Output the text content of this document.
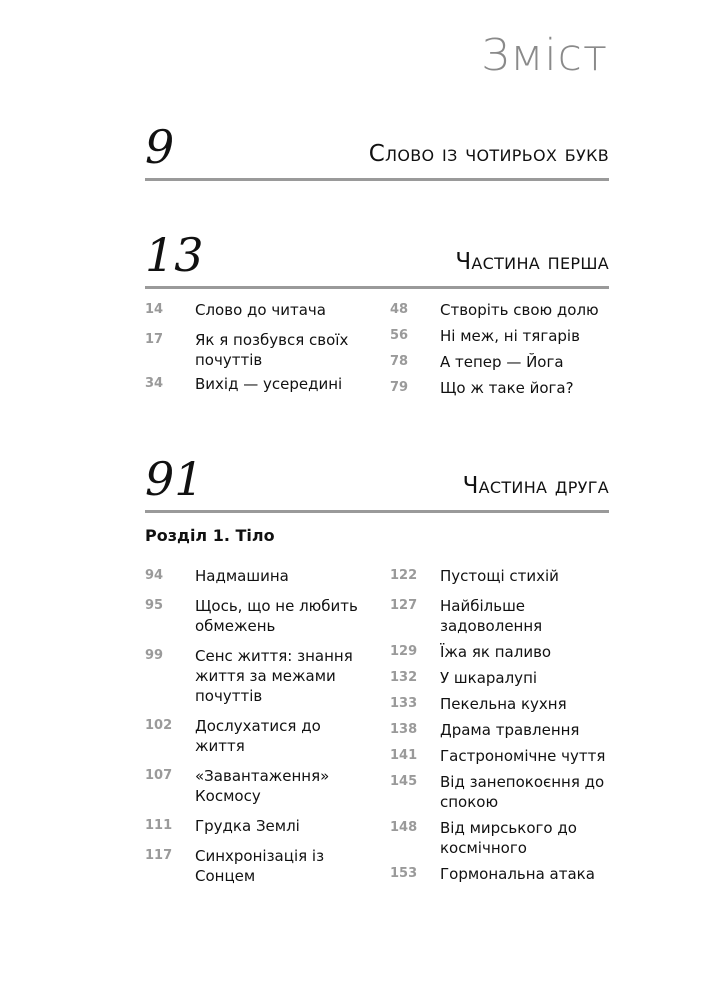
Зміст
9	Слово із чотирьох букв
13	Частина перша
14	Слово до читача
17	Як я позбувся своїх почуттів
34	Вихід — усередині
48	Створіть свою долю
56	Ні меж, ні тягарів
78	А тепер — Йога
79	Що ж таке йога?
91	Частина друга
Розділ 1. Тіло
94	Надмашина
95	Щось, що не любить обмежень
99	Сенс життя: знання життя за межами почуттів
102	Дослухатися до життя
107	«Завантаження» Космосу
111	Грудка Землі
117	Синхронізація із Сонцем
122	Пустощі стихій
127	Найбільше задоволення
129	Їжа як паливо
132	У шкаралупі
133	Пекельна кухня
138	Драма травлення
141	Гастрономічне чуття
145	Від занепокоєння до спокою
148	Від мирського до космічного
153	Гормональна атака
